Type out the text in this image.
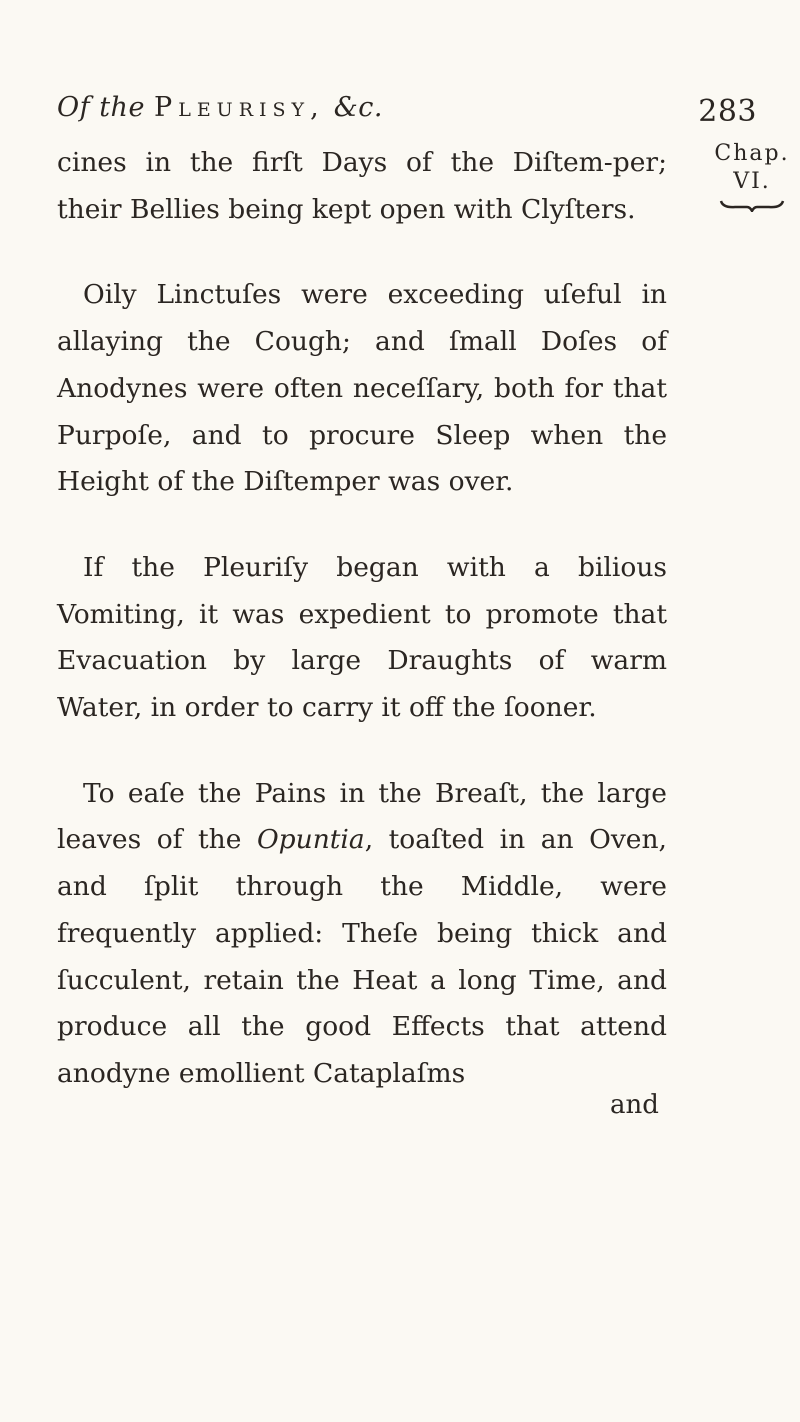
Of the Pleurisy, &c.	283
Chap.
VI.

cines in the firſt Days of the Diſtem-per; their Bellies being kept open with Clyſters.

Oily Linctuſes were exceeding uſeful in allaying the Cough; and ſmall Doſes of Anodynes were often neceſſary, both for that Purpoſe, and to procure Sleep when the Height of the Diſtemper was over.

If the Pleuriſy began with a bilious Vomiting, it was expedient to promote that Evacuation by large Draughts of warm Water, in order to carry it off the ſooner.

To eaſe the Pains in the Breaſt, the large leaves of the Opuntia, toaſted in an Oven, and ſplit through the Middle, were frequently applied: Theſe being thick and ſucculent, retain the Heat a long Time, and produce all the good Effects that attend anodyne emollient Cataplaſms

and
